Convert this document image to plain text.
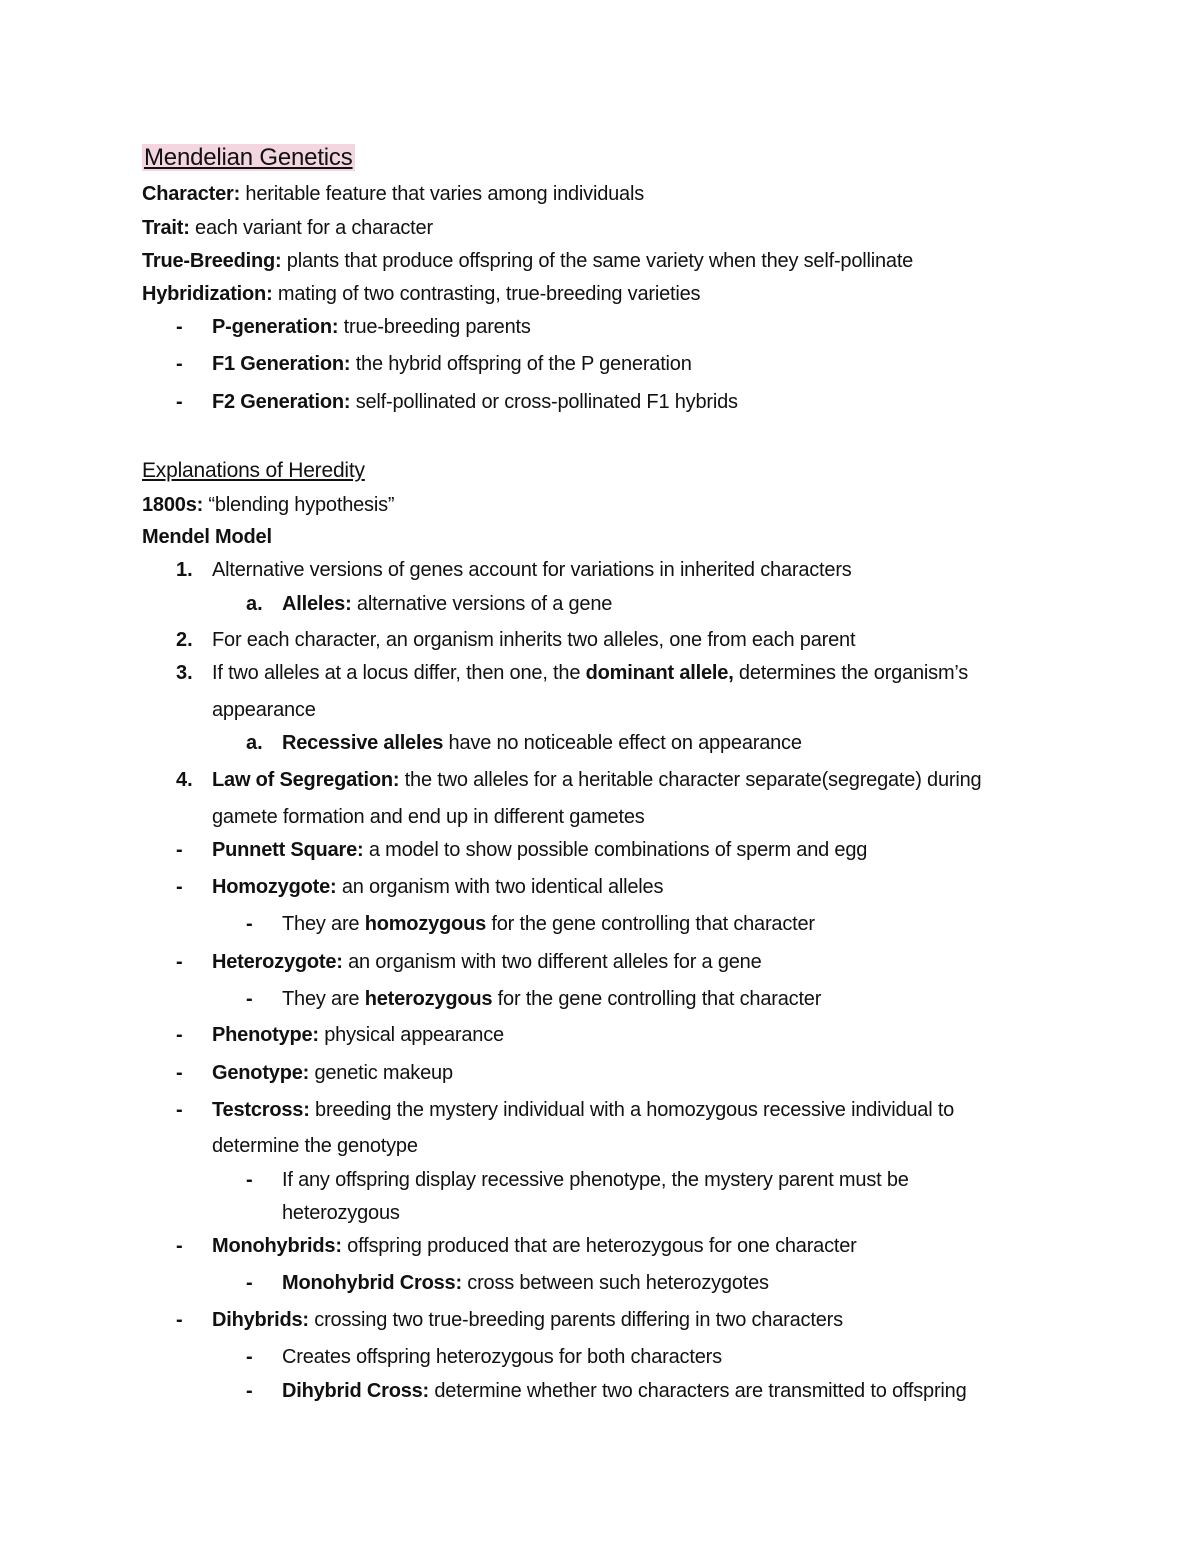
Mendelian Genetics
Character: heritable feature that varies among individuals
Trait: each variant for a character
True-Breeding: plants that produce offspring of the same variety when they self-pollinate
Hybridization: mating of two contrasting, true-breeding varieties
- P-generation: true-breeding parents
- F1 Generation: the hybrid offspring of the P generation
- F2 Generation: self-pollinated or cross-pollinated F1 hybrids
Explanations of Heredity
1800s: “blending hypothesis”
Mendel Model
1. Alternative versions of genes account for variations in inherited characters
a. Alleles: alternative versions of a gene
2. For each character, an organism inherits two alleles, one from each parent
3. If two alleles at a locus differ, then one, the dominant allele, determines the organism’s
appearance
a. Recessive alleles have no noticeable effect on appearance
4. Law of Segregation: the two alleles for a heritable character separate(segregate) during
gamete formation and end up in different gametes
- Punnett Square: a model to show possible combinations of sperm and egg
- Homozygote: an organism with two identical alleles
- They are homozygous for the gene controlling that character
- Heterozygote: an organism with two different alleles for a gene
- They are heterozygous for the gene controlling that character
- Phenotype: physical appearance
- Genotype: genetic makeup
- Testcross: breeding the mystery individual with a homozygous recessive individual to
determine the genotype
- If any offspring display recessive phenotype, the mystery parent must be
heterozygous
- Monohybrids: offspring produced that are heterozygous for one character
- Monohybrid Cross: cross between such heterozygotes
- Dihybrids: crossing two true-breeding parents differing in two characters
- Creates offspring heterozygous for both characters
- Dihybrid Cross: determine whether two characters are transmitted to offspring
